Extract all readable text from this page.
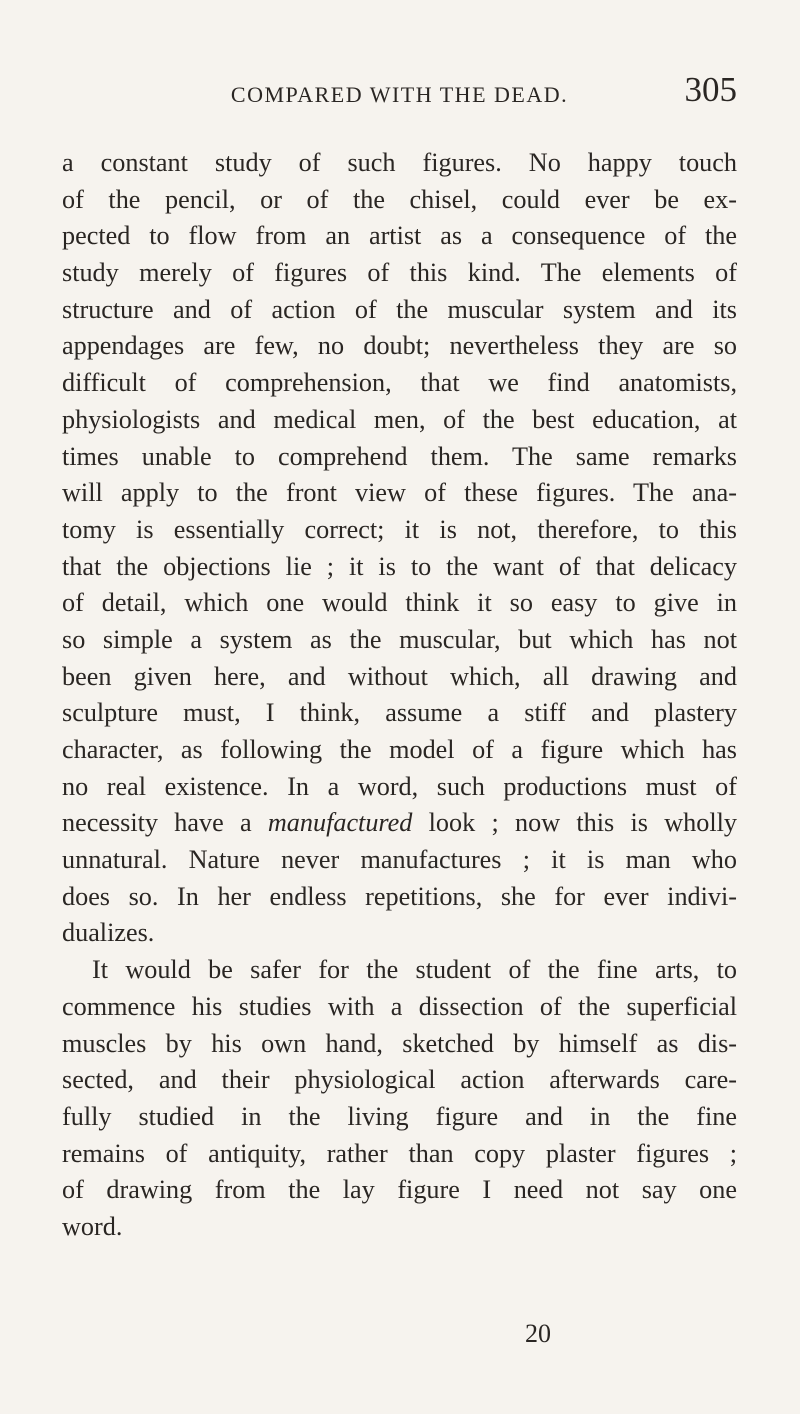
COMPARED WITH THE DEAD.	305
a constant study of such figures. No happy touch
of the pencil, or of the chisel, could ever be ex-
pected to flow from an artist as a consequence of the
study merely of figures of this kind. The elements of
structure and of action of the muscular system and its
appendages are few, no doubt; nevertheless they are so
difficult of comprehension, that we find anatomists,
physiologists and medical men, of the best education, at
times unable to comprehend them. The same remarks
will apply to the front view of these figures. The ana-
tomy is essentially correct; it is not, therefore, to this
that the objections lie ; it is to the want of that delicacy
of detail, which one would think it so easy to give in
so simple a system as the muscular, but which has not
been given here, and without which, all drawing and
sculpture must, I think, assume a stiff and plastery
character, as following the model of a figure which has
no real existence. In a word, such productions must of
necessity have a manufactured look ; now this is wholly
unnatural. Nature never manufactures ; it is man who
does so. In her endless repetitions, she for ever indivi-
dualizes.
It would be safer for the student of the fine arts, to
commence his studies with a dissection of the superficial
muscles by his own hand, sketched by himself as dis-
sected, and their physiological action afterwards care-
fully studied in the living figure and in the fine
remains of antiquity, rather than copy plaster figures ;
of drawing from the lay figure I need not say one
word.
20
